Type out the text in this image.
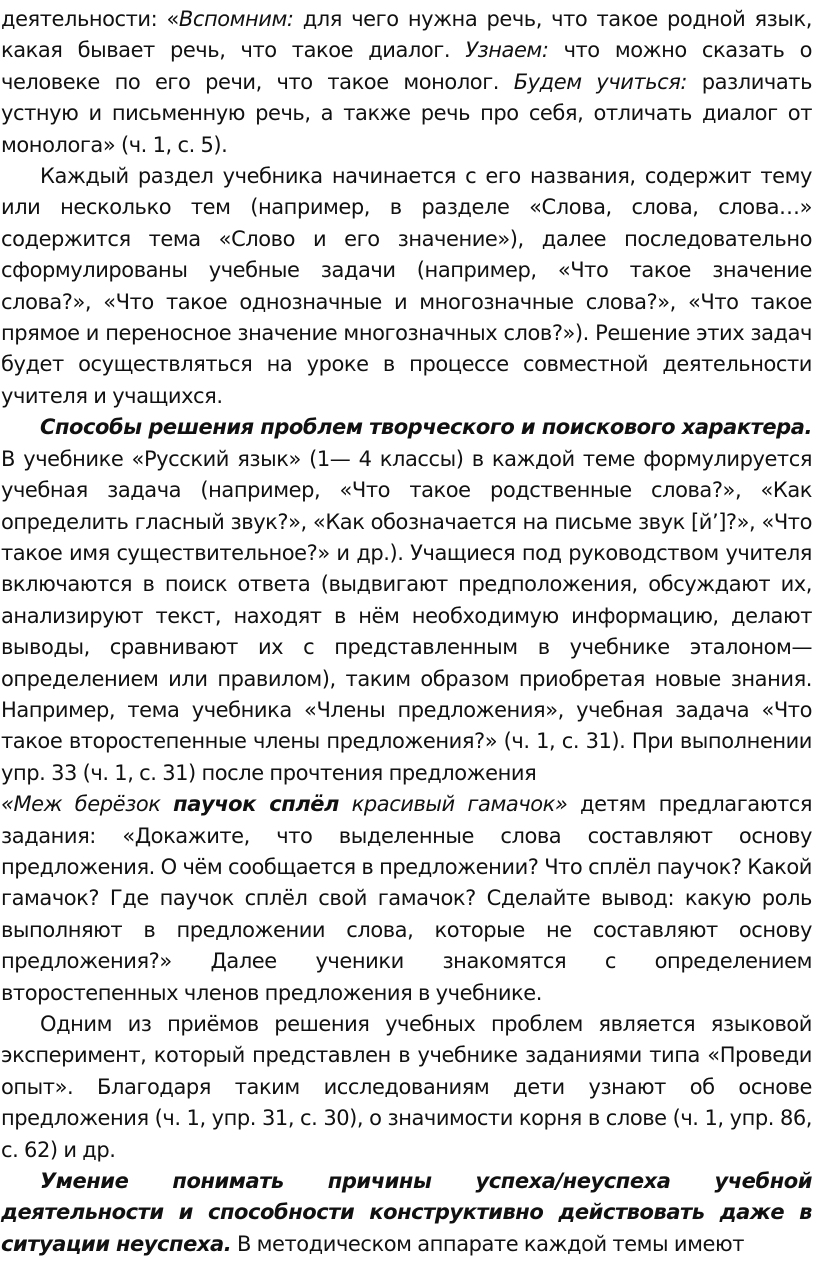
деятельности: «Вспомним: для чего нужна речь, что такое родной язык, какая бывает речь, что такое диалог. Узнаем: что можно сказать о человеке по его речи, что такое монолог. Будем учиться: различать устную и письменную речь, а также речь про себя, отличать диалог от монолога» (ч. 1, с. 5).

Каждый раздел учебника начинается с его названия, содержит тему или несколько тем (например, в разделе «Слова, слова, слова…» содержится тема «Слово и его значение»), далее последовательно сформулированы учебные задачи (например, «Что такое значение слова?», «Что такое однозначные и многозначные слова?», «Что такое прямое и переносное значение многозначных слов?»). Решение этих задач будет осуществляться на уроке в процессе совместной деятельности учителя и учащихся.

Способы решения проблем творческого и поискового характера. В учебнике «Русский язык» (1— 4 классы) в каждой теме формулируется учебная задача (например, «Что такое родственные слова?», «Как определить гласный звук?», «Как обозначается на письме звук [й’]?», «Что такое имя существительное?» и др.). Учащиеся под руководством учителя включаются в поиск ответа (выдвигают предположения, обсуждают их, анализируют текст, находят в нём необходимую информацию, делают выводы, сравнивают их с представленным в учебнике эталоном—определением или правилом), таким образом приобретая новые знания. Например, тема учебника «Члены предложения», учебная задача «Что такое второстепенные члены предложения?» (ч. 1, с. 31). При выполнении упр. 33 (ч. 1, с. 31) после прочтения предложения

«Меж берёзок паучок сплёл красивый гамачок» детям предлагаются задания: «Докажите, что выделенные слова составляют основу предложения. О чём сообщается в предложении? Что сплёл паучок? Какой гамачок? Где паучок сплёл свой гамачок? Сделайте вывод: какую роль выполняют в предложении слова, которые не составляют основу предложения?» Далее ученики знакомятся с определением второстепенных членов предложения в учебнике.

Одним из приёмов решения учебных проблем является языковой эксперимент, который представлен в учебнике заданиями типа «Проведи опыт». Благодаря таким исследованиям дети узнают об основе предложения (ч. 1, упр. 31, с. 30), о значимости корня в слове (ч. 1, упр. 86, с. 62) и др.

Умение понимать причины успеха/неуспеха учебной деятельности и способности конструктивно действовать даже в ситуации неуспеха. В методическом аппарате каждой темы имеют
